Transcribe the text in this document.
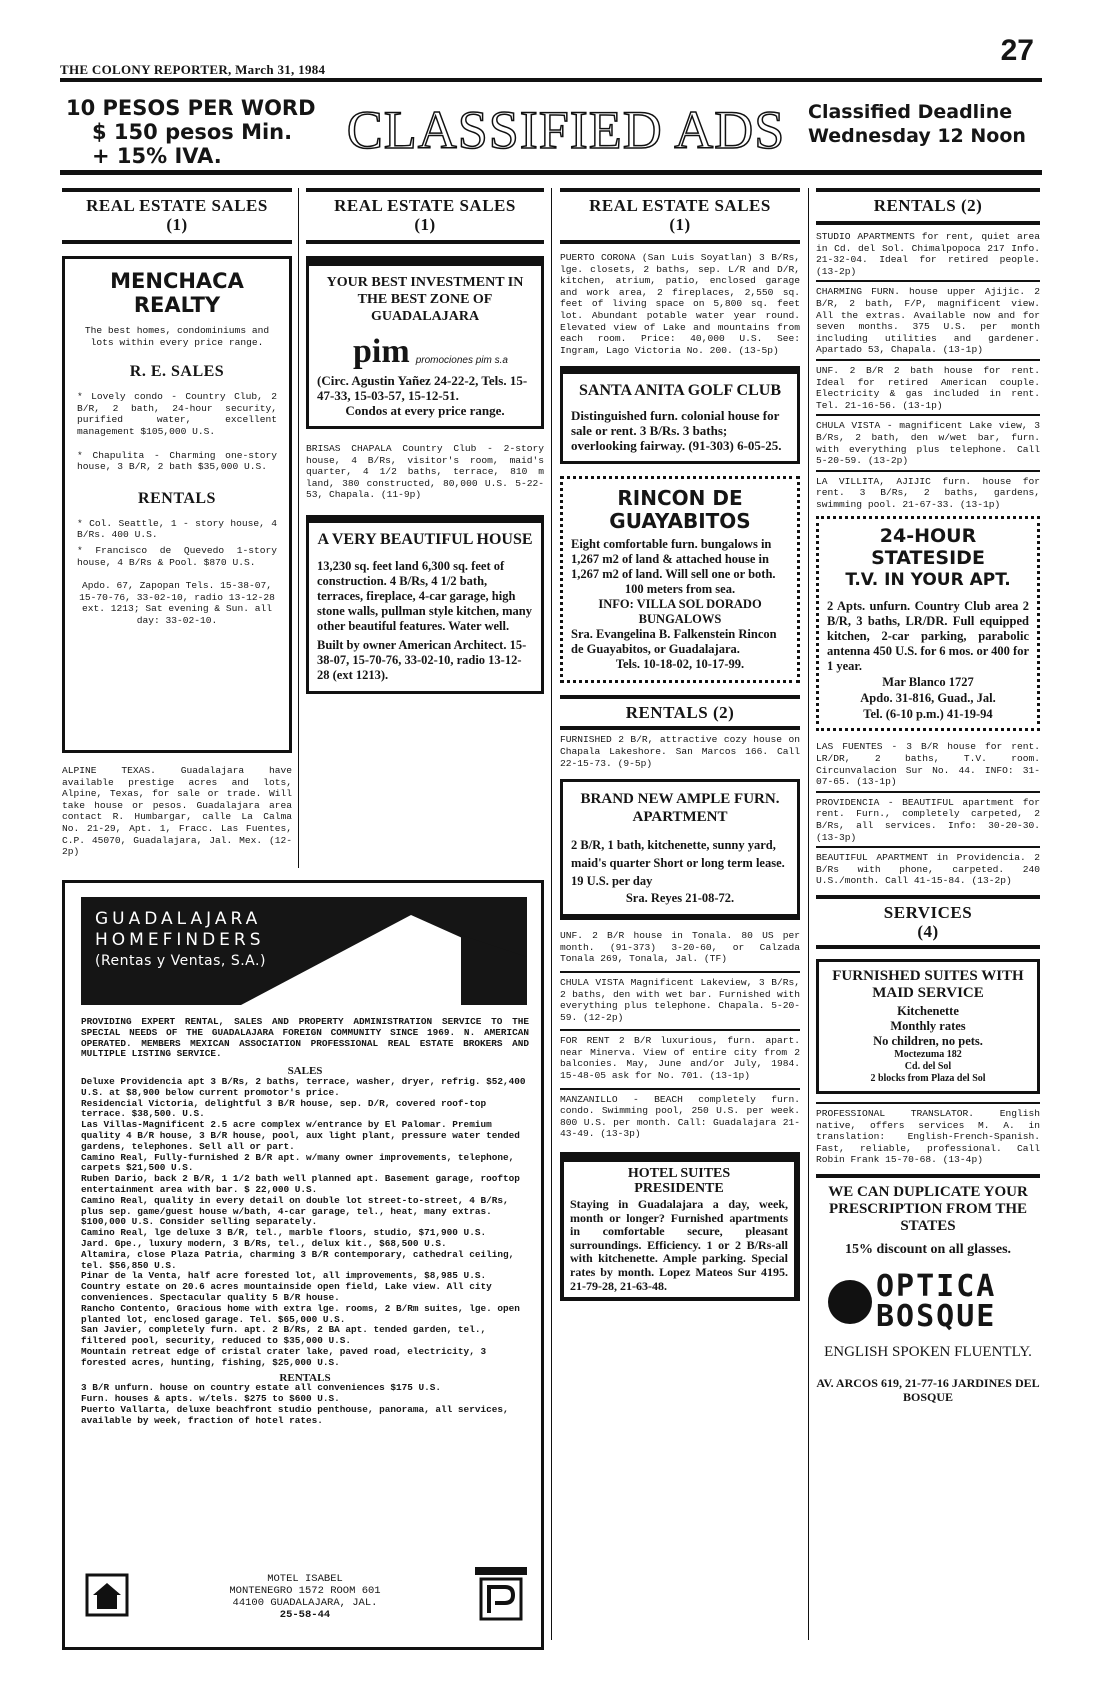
THE COLONY REPORTER, March 31, 1984
27
10 PESOS PER WORD
$ 150 pesos Min.
+ 15% IVA.	CLASSIFIED ADS	Classified Deadline
Wednesday 12 Noon
REAL ESTATE SALES
(1)
MENCHACA
REALTY
The best homes, condominiums and lots within every price range.
R. E. SALES
* Lovely condo - Country Club, 2 B/R, 2 bath, 24-hour security, purified water, excellent management $105,000 U.S.
* Chapulita - Charming one-story house, 3 B/R, 2 bath $35,000 U.S.
RENTALS
* Col. Seattle, 1 - story house, 4 B/Rs. 400 U.S.
* Francisco de Quevedo 1-story house, 4 B/Rs & Pool. $870 U.S.
Apdo. 67, Zapopan Tels. 15-38-07, 15-70-76, 33-02-10, radio 13-12-28 ext. 1213; Sat evening & Sun. all day: 33-02-10.
ALPINE TEXAS. Guadalajara have available prestige acres and lots, Alpine, Texas, for sale or trade. Will take house or pesos. Guadalajara area contact R. Humbargar, calle La Calma No. 21-29, Apt. 1, Fracc. Las Fuentes, C.P. 45070, Guadalajara, Jal. Mex. (12-2p)
REAL ESTATE SALES
(1)
YOUR BEST INVESTMENT IN THE BEST ZONE OF GUADALAJARA
pim promociones pim s.a
(Circ. Agustin Yañez 24-22-2, Tels. 15-47-33, 15-03-57, 15-12-51.
Condos at every price range.
BRISAS CHAPALA Country Club - 2-story house, 4 B/Rs, visitor's room, maid's quarter, 4 1/2 baths, terrace, 810 m land, 380 constructed, 80,000 U.S. 5-22-53, Chapala. (11-9p)
A VERY BEAUTIFUL HOUSE
13,230 sq. feet land 6,300 sq. feet of construction. 4 B/Rs, 4 1/2 bath, terraces, fireplace, 4-car garage, high stone walls, pullman style kitchen, many other beautiful features. Water well.
Built by owner American Architect. 15-38-07, 15-70-76, 33-02-10, radio 13-12-28 (ext 1213).
GUADALAJARA
HOMEFINDERS
(Rentas y Ventas, S.A.)
PROVIDING EXPERT RENTAL, SALES AND PROPERTY ADMINISTRATION SERVICE TO THE SPECIAL NEEDS OF THE GUADALAJARA FOREIGN COMMUNITY SINCE 1969. N. AMERICAN OPERATED. MEMBERS MEXICAN ASSOCIATION PROFESSIONAL REAL ESTATE BROKERS AND MULTIPLE LISTING SERVICE.
SALES
Deluxe Providencia apt 3 B/Rs, 2 baths, terrace, washer, dryer, refrig. $52,400 U.S. at $8,900 below current promotor's price.
Residencial Victoria, delightful 3 B/R house, sep. D/R, covered roof-top terrace. $38,500. U.S.
Las Villas-Magnificent 2.5 acre complex w/entrance by El Palomar. Premium quality 4 B/R house, 3 B/R house, pool, aux light plant, pressure water tended gardens, telephones. Sell all or part.
Camino Real, Fully-furnished 2 B/R apt. w/many owner improvements, telephone, carpets $21,500 U.S.
Ruben Dario, back 2 B/R, 1 1/2 bath well planned apt. Basement garage, rooftop entertainment area with bar. $ 22,000 U.S.
Camino Real, quality in every detail on double lot street-to-street, 4 B/Rs, plus sep. game/guest house w/bath, 4-car garage, tel., heat, many extras. $100,000 U.S. Consider selling separately.
Camino Real, lge deluxe 3 B/R, tel., marble floors, studio, $71,900 U.S.
Jard. Gpe., luxury modern, 3 B/Rs, tel., delux kit., $68,500 U.S.
Altamira, close Plaza Patria, charming 3 B/R contemporary, cathedral ceiling, tel. $56,850 U.S.
Pinar de la Venta, half acre forested lot, all improvements, $8,985 U.S.
Country estate on 20.6 acres mountainside open field, Lake view. All city conveniences. Spectacular quality 5 B/R house.
Rancho Contento, Gracious home with extra lge. rooms, 2 B/Rm suites, lge. open planted lot, enclosed garage. Tel. $65,000 U.S.
San Javier, completely furn. apt. 2 B/Rs, 2 BA apt. tended garden, tel., filtered pool, security, reduced to $35,000 U.S.
Mountain retreat edge of cristal crater lake, paved road, electricity, 3 forested acres, hunting, fishing, $25,000 U.S.
RENTALS
3 B/R unfurn. house on country estate all conveniences $175 U.S.
Furn. houses & apts. w/tels. $275 to $600 U.S.
Puerto Vallarta, deluxe beachfront studio penthouse, panorama, all services, available by week, fraction of hotel rates.
MOTEL ISABEL
MONTENEGRO 1572 ROOM 601
44100 GUADALAJARA, JAL.
25-58-44
REAL ESTATE SALES
(1)
PUERTO CORONA (San Luis Soyatlan) 3 B/Rs, lge. closets, 2 baths, sep. L/R and D/R, kitchen, atrium, patio, enclosed garage and work area, 2 fireplaces, 2,550 sq. feet of living space on 5,800 sq. feet lot. Abundant potable water year round. Elevated view of Lake and mountains from each room. Price: 40,000 U.S. See: Ingram, Lago Victoria No. 200. (13-5p)
SANTA ANITA GOLF CLUB
Distinguished furn. colonial house for sale or rent. 3 B/Rs. 3 baths; overlooking fairway. (91-303) 6-05-25.
RINCON DE
GUAYABITOS
Eight comfortable furn. bungalows in 1,267 m2 of land & attached house in 1,267 m2 of land. Will sell one or both.
100 meters from sea.
INFO: VILLA SOL DORADO BUNGALOWS
Sra. Evangelina B. Falkenstein Rincon de Guayabitos, or Guadalajara.
Tels. 10-18-02, 10-17-99.
RENTALS (2)
FURNISHED 2 B/R, attractive cozy house on Chapala Lakeshore. San Marcos 166. Call 22-15-73. (9-5p)
BRAND NEW AMPLE FURN. APARTMENT
2 B/R, 1 bath, kitchenette, sunny yard, maid's quarter Short or long term lease. 19 U.S. per day
Sra. Reyes 21-08-72.
UNF. 2 B/R house in Tonala. 80 US per month. (91-373) 3-20-60, or Calzada Tonala 269, Tonala, Jal. (TF)
CHULA VISTA Magnificent Lakeview, 3 B/Rs, 2 baths, den with wet bar. Furnished with everything plus telephone. Chapala. 5-20-59. (12-2p)
FOR RENT 2 B/R luxurious, furn. apart. near Minerva. View of entire city from 2 balconies. May, June and/or July, 1984. 15-48-05 ask for No. 701. (13-1p)
MANZANILLO - BEACH completely furn. condo. Swimming pool, 250 U.S. per week. 800 U.S. per month. Call: Guadalajara 21-43-49. (13-3p)
HOTEL SUITES
PRESIDENTE
Staying in Guadalajara a day, week, month or longer? Furnished apartments in comfortable secure, pleasant surroundings. Efficiency. 1 or 2 B/Rs-all with kitchenette. Ample parking. Special rates by month. Lopez Mateos Sur 4195. 21-79-28, 21-63-48.
RENTALS (2)
STUDIO APARTMENTS for rent, quiet area in Cd. del Sol. Chimalpopoca 217 Info. 21-32-04. Ideal for retired people. (13-2p)
CHARMING FURN. house upper Ajijic. 2 B/R, 2 bath, F/P, magnificent view. All the extras. Available now and for seven months. 375 U.S. per month including utilities and gardener. Apartado 53, Chapala. (13-1p)
UNF. 2 B/R 2 bath house for rent. Ideal for retired American couple. Electricity & gas included in rent. Tel. 21-16-56. (13-1p)
CHULA VISTA - magnificent Lake view, 3 B/Rs, 2 bath, den w/wet bar, furn. with everything plus telephone. Call 5-20-59. (13-2p)
LA VILLITA, AJIJIC furn. house for rent. 3 B/Rs, 2 baths, gardens, swimming pool. 21-67-33. (13-1p)
24-HOUR
STATESIDE
T.V. IN YOUR APT.
2 Apts. unfurn. Country Club area 2 B/R, 3 baths, LR/DR. Full equipped kitchen, 2-car parking, parabolic antenna 450 U.S. for 6 mos. or 400 for 1 year.
Mar Blanco 1727
Apdo. 31-816, Guad., Jal.
Tel. (6-10 p.m.) 41-19-94
LAS FUENTES - 3 B/R house for rent. LR/DR, 2 baths, T.V. room. Circunvalacion Sur No. 44. INFO: 31-07-65. (13-1p)
PROVIDENCIA - BEAUTIFUL apartment for rent. Furn., completely carpeted, 2 B/Rs, all services. Info: 30-20-30. (13-3p)
BEAUTIFUL APARTMENT in Providencia. 2 B/Rs with phone, carpeted. 240 U.S./month. Call 41-15-84. (13-2p)
SERVICES
(4)
FURNISHED SUITES WITH MAID SERVICE
Kitchenette
Monthly rates
No children, no pets.
Moctezuma 182
Cd. del Sol
2 blocks from Plaza del Sol
PROFESSIONAL TRANSLATOR. English native, offers services M. A. in translation: English-French-Spanish. Fast, reliable, professional. Call Robin Frank 15-70-68. (13-4p)
WE CAN DUPLICATE YOUR PRESCRIPTION FROM THE STATES
15% discount on all glasses.
OPTICA
BOSQUE
ENGLISH SPOKEN FLUENTLY.
AV. ARCOS 619, 21-77-16 JARDINES DEL BOSQUE
